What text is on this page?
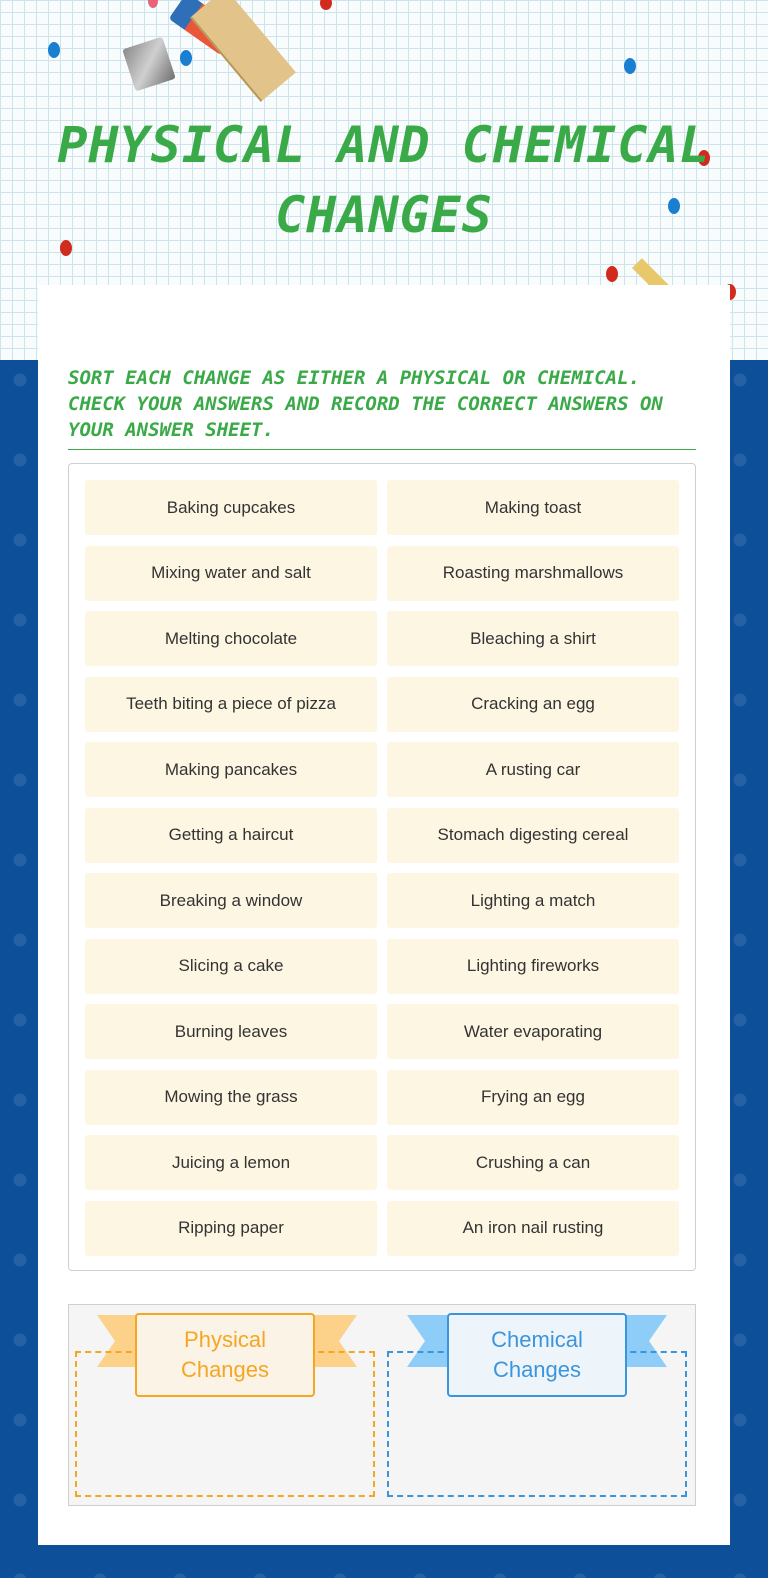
PHYSICAL AND CHEMICAL
CHANGES
SORT EACH CHANGE AS EITHER A PHYSICAL OR CHEMICAL. CHECK YOUR ANSWERS AND RECORD THE CORRECT ANSWERS ON YOUR ANSWER SHEET.
Baking cupcakes	Making toast
Mixing water and salt	Roasting marshmallows
Melting chocolate	Bleaching a shirt
Teeth biting a piece of pizza	Cracking an egg
Making pancakes	A rusting car
Getting a haircut	Stomach digesting cereal
Breaking a window	Lighting a match
Slicing a cake	Lighting fireworks
Burning leaves	Water evaporating
Mowing the grass	Frying an egg
Juicing a lemon	Crushing a can
Ripping paper	An iron nail rusting
Physical
Changes
Chemical
Changes
